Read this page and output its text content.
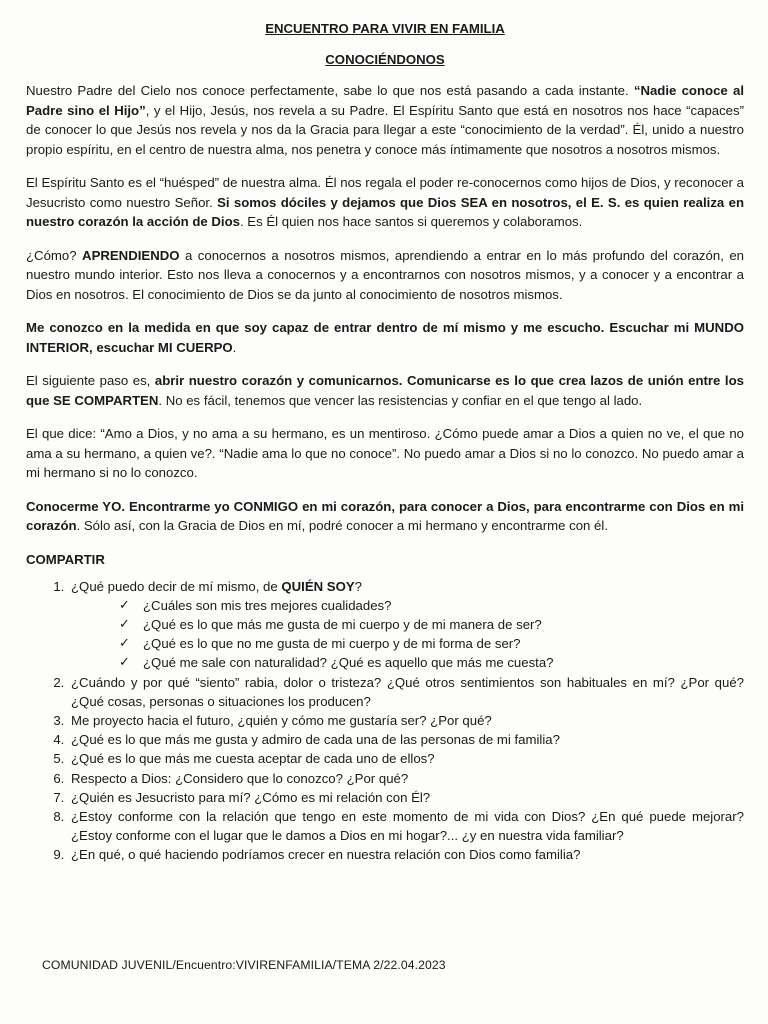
ENCUENTRO PARA VIVIR EN FAMILIA
CONOCIÉNDONOS

Nuestro Padre del Cielo nos conoce perfectamente, sabe lo que nos está pasando a cada instante. “Nadie conoce al Padre sino el Hijo”, y el Hijo, Jesús, nos revela a su Padre. El Espíritu Santo que está en nosotros nos hace “capaces” de conocer lo que Jesús nos revela y nos da la Gracia para llegar a este “conocimiento de la verdad”. Él, unido a nuestro propio espíritu, en el centro de nuestra alma, nos penetra y conoce más íntimamente que nosotros a nosotros mismos.

El Espíritu Santo es el “huésped” de nuestra alma. Él nos regala el poder re-conocernos como hijos de Dios, y reconocer a Jesucristo como nuestro Señor. Si somos dóciles y dejamos que Dios SEA en nosotros, el E. S. es quien realiza en nuestro corazón la acción de Dios. Es Él quien nos hace santos si queremos y colaboramos.

¿Cómo? APRENDIENDO a conocernos a nosotros mismos, aprendiendo a entrar en lo más profundo del corazón, en nuestro mundo interior. Esto nos lleva a conocernos y a encontrarnos con nosotros mismos, y a conocer y a encontrar a Dios en nosotros. El conocimiento de Dios se da junto al conocimiento de nosotros mismos.

Me conozco en la medida en que soy capaz de entrar dentro de mí mismo y me escucho. Escuchar mi MUNDO INTERIOR, escuchar MI CUERPO.

El siguiente paso es, abrir nuestro corazón y comunicarnos. Comunicarse es lo que crea lazos de unión entre los que SE COMPARTEN. No es fácil, tenemos que vencer las resistencias y confiar en el que tengo al lado.

El que dice: “Amo a Dios, y no ama a su hermano, es un mentiroso. ¿Cómo puede amar a Dios a quien no ve, el que no ama a su hermano, a quien ve?. “Nadie ama lo que no conoce”. No puedo amar a Dios si no lo conozco. No puedo amar a mi hermano si no lo conozco.

Conocerme YO. Encontrarme yo CONMIGO en mi corazón, para conocer a Dios, para encontrarme con Dios en mi corazón. Sólo así, con la Gracia de Dios en mí, podré conocer a mi hermano y encontrarme con él.

COMPARTIR
1. ¿Qué puedo decir de mí mismo, de QUIÉN SOY?
✓ ¿Cuáles son mis tres mejores cualidades?
✓ ¿Qué es lo que más me gusta de mi cuerpo y de mi manera de ser?
✓ ¿Qué es lo que no me gusta de mi cuerpo y de mi forma de ser?
✓ ¿Qué me sale con naturalidad? ¿Qué es aquello que más me cuesta?
2. ¿Cuándo y por qué “siento” rabia, dolor o tristeza? ¿Qué otros sentimientos son habituales en mí? ¿Por qué? ¿Qué cosas, personas o situaciones los producen?
3. Me proyecto hacia el futuro, ¿quién y cómo me gustaría ser? ¿Por qué?
4. ¿Qué es lo que más me gusta y admiro de cada una de las personas de mi familia?
5. ¿Qué es lo que más me cuesta aceptar de cada uno de ellos?
6. Respecto a Dios: ¿Considero que lo conozco? ¿Por qué?
7. ¿Quién es Jesucristo para mí? ¿Cómo es mi relación con Él?
8. ¿Estoy conforme con la relación que tengo en este momento de mi vida con Dios? ¿En qué puede mejorar? ¿Estoy conforme con el lugar que le damos a Dios en mi hogar?... ¿y en nuestra vida familiar?
9. ¿En qué, o qué haciendo podríamos crecer en nuestra relación con Dios como familia?
COMUNIDAD JUVENIL/Encuentro:VIVIRENFAMILIA/TEMA 2/22.04.2023
